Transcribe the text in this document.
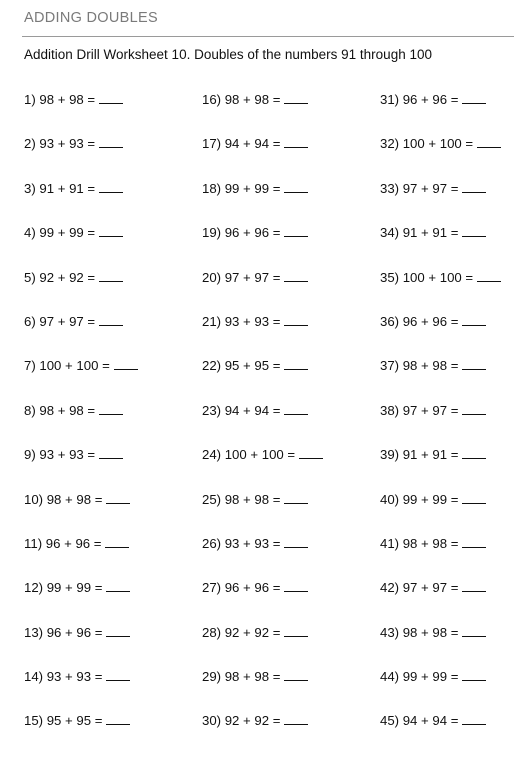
ADDING DOUBLES
Addition Drill Worksheet 10. Doubles of the numbers 91 through 100
1) 98 + 98 =
2) 93 + 93 =
3) 91 + 91 =
4) 99 + 99 =
5) 92 + 92 =
6) 97 + 97 =
7) 100 + 100 =
8) 98 + 98 =
9) 93 + 93 =
10) 98 + 98 =
11) 96 + 96 =
12) 99 + 99 =
13) 96 + 96 =
14) 93 + 93 =
15) 95 + 95 =
16) 98 + 98 =
17) 94 + 94 =
18) 99 + 99 =
19) 96 + 96 =
20) 97 + 97 =
21) 93 + 93 =
22) 95 + 95 =
23) 94 + 94 =
24) 100 + 100 =
25) 98 + 98 =
26) 93 + 93 =
27) 96 + 96 =
28) 92 + 92 =
29) 98 + 98 =
30) 92 + 92 =
31) 96 + 96 =
32) 100 + 100 =
33) 97 + 97 =
34) 91 + 91 =
35) 100 + 100 =
36) 96 + 96 =
37) 98 + 98 =
38) 97 + 97 =
39) 91 + 91 =
40) 99 + 99 =
41) 98 + 98 =
42) 97 + 97 =
43) 98 + 98 =
44) 99 + 99 =
45) 94 + 94 =
